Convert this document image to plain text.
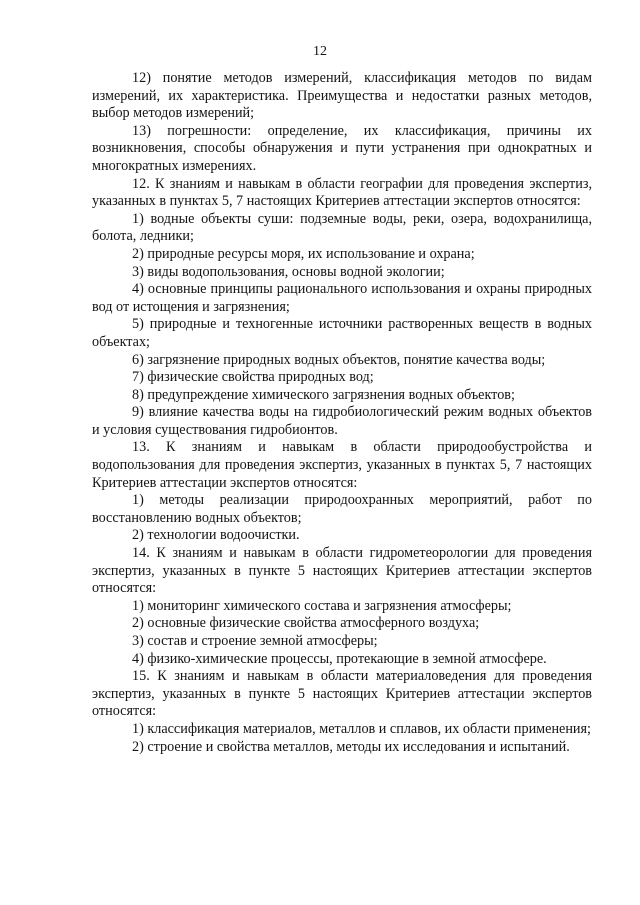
12

12) понятие методов измерений, классификация методов по видам измерений, их характеристика. Преимущества и недостатки разных методов, выбор методов измерений;

13) погрешности: определение, их классификация, причины их возникновения, способы обнаружения и пути устранения при однократных и многократных измерениях.

12. К знаниям и навыкам в области географии для проведения экспертиз, указанных в пунктах 5, 7 настоящих Критериев аттестации экспертов относятся:

1) водные объекты суши: подземные воды, реки, озера, водохранилища, болота, ледники;

2) природные ресурсы моря, их использование и охрана;

3) виды водопользования, основы водной экологии;

4) основные принципы рационального использования и охраны природных вод от истощения и загрязнения;

5) природные и техногенные источники растворенных веществ в водных объектах;

6) загрязнение природных водных объектов, понятие качества воды;

7) физические свойства природных вод;

8) предупреждение химического загрязнения водных объектов;

9) влияние качества воды на гидробиологический режим водных объектов и условия существования гидробионтов.

13. К знаниям и навыкам в области природообустройства и водопользования для проведения экспертиз, указанных в пунктах 5, 7 настоящих Критериев аттестации экспертов относятся:

1) методы реализации природоохранных мероприятий, работ по восстановлению водных объектов;

2) технологии водоочистки.

14. К знаниям и навыкам в области гидрометеорологии для проведения экспертиз, указанных в пункте 5 настоящих Критериев аттестации экспертов относятся:

1) мониторинг химического состава и загрязнения атмосферы;

2) основные физические свойства атмосферного воздуха;

3) состав и строение земной атмосферы;

4) физико-химические процессы, протекающие в земной атмосфере.

15. К знаниям и навыкам в области материаловедения для проведения экспертиз, указанных в пункте 5 настоящих Критериев аттестации экспертов относятся:

1) классификация материалов, металлов и сплавов, их области применения;

2) строение и свойства металлов, методы их исследования и испытаний.
